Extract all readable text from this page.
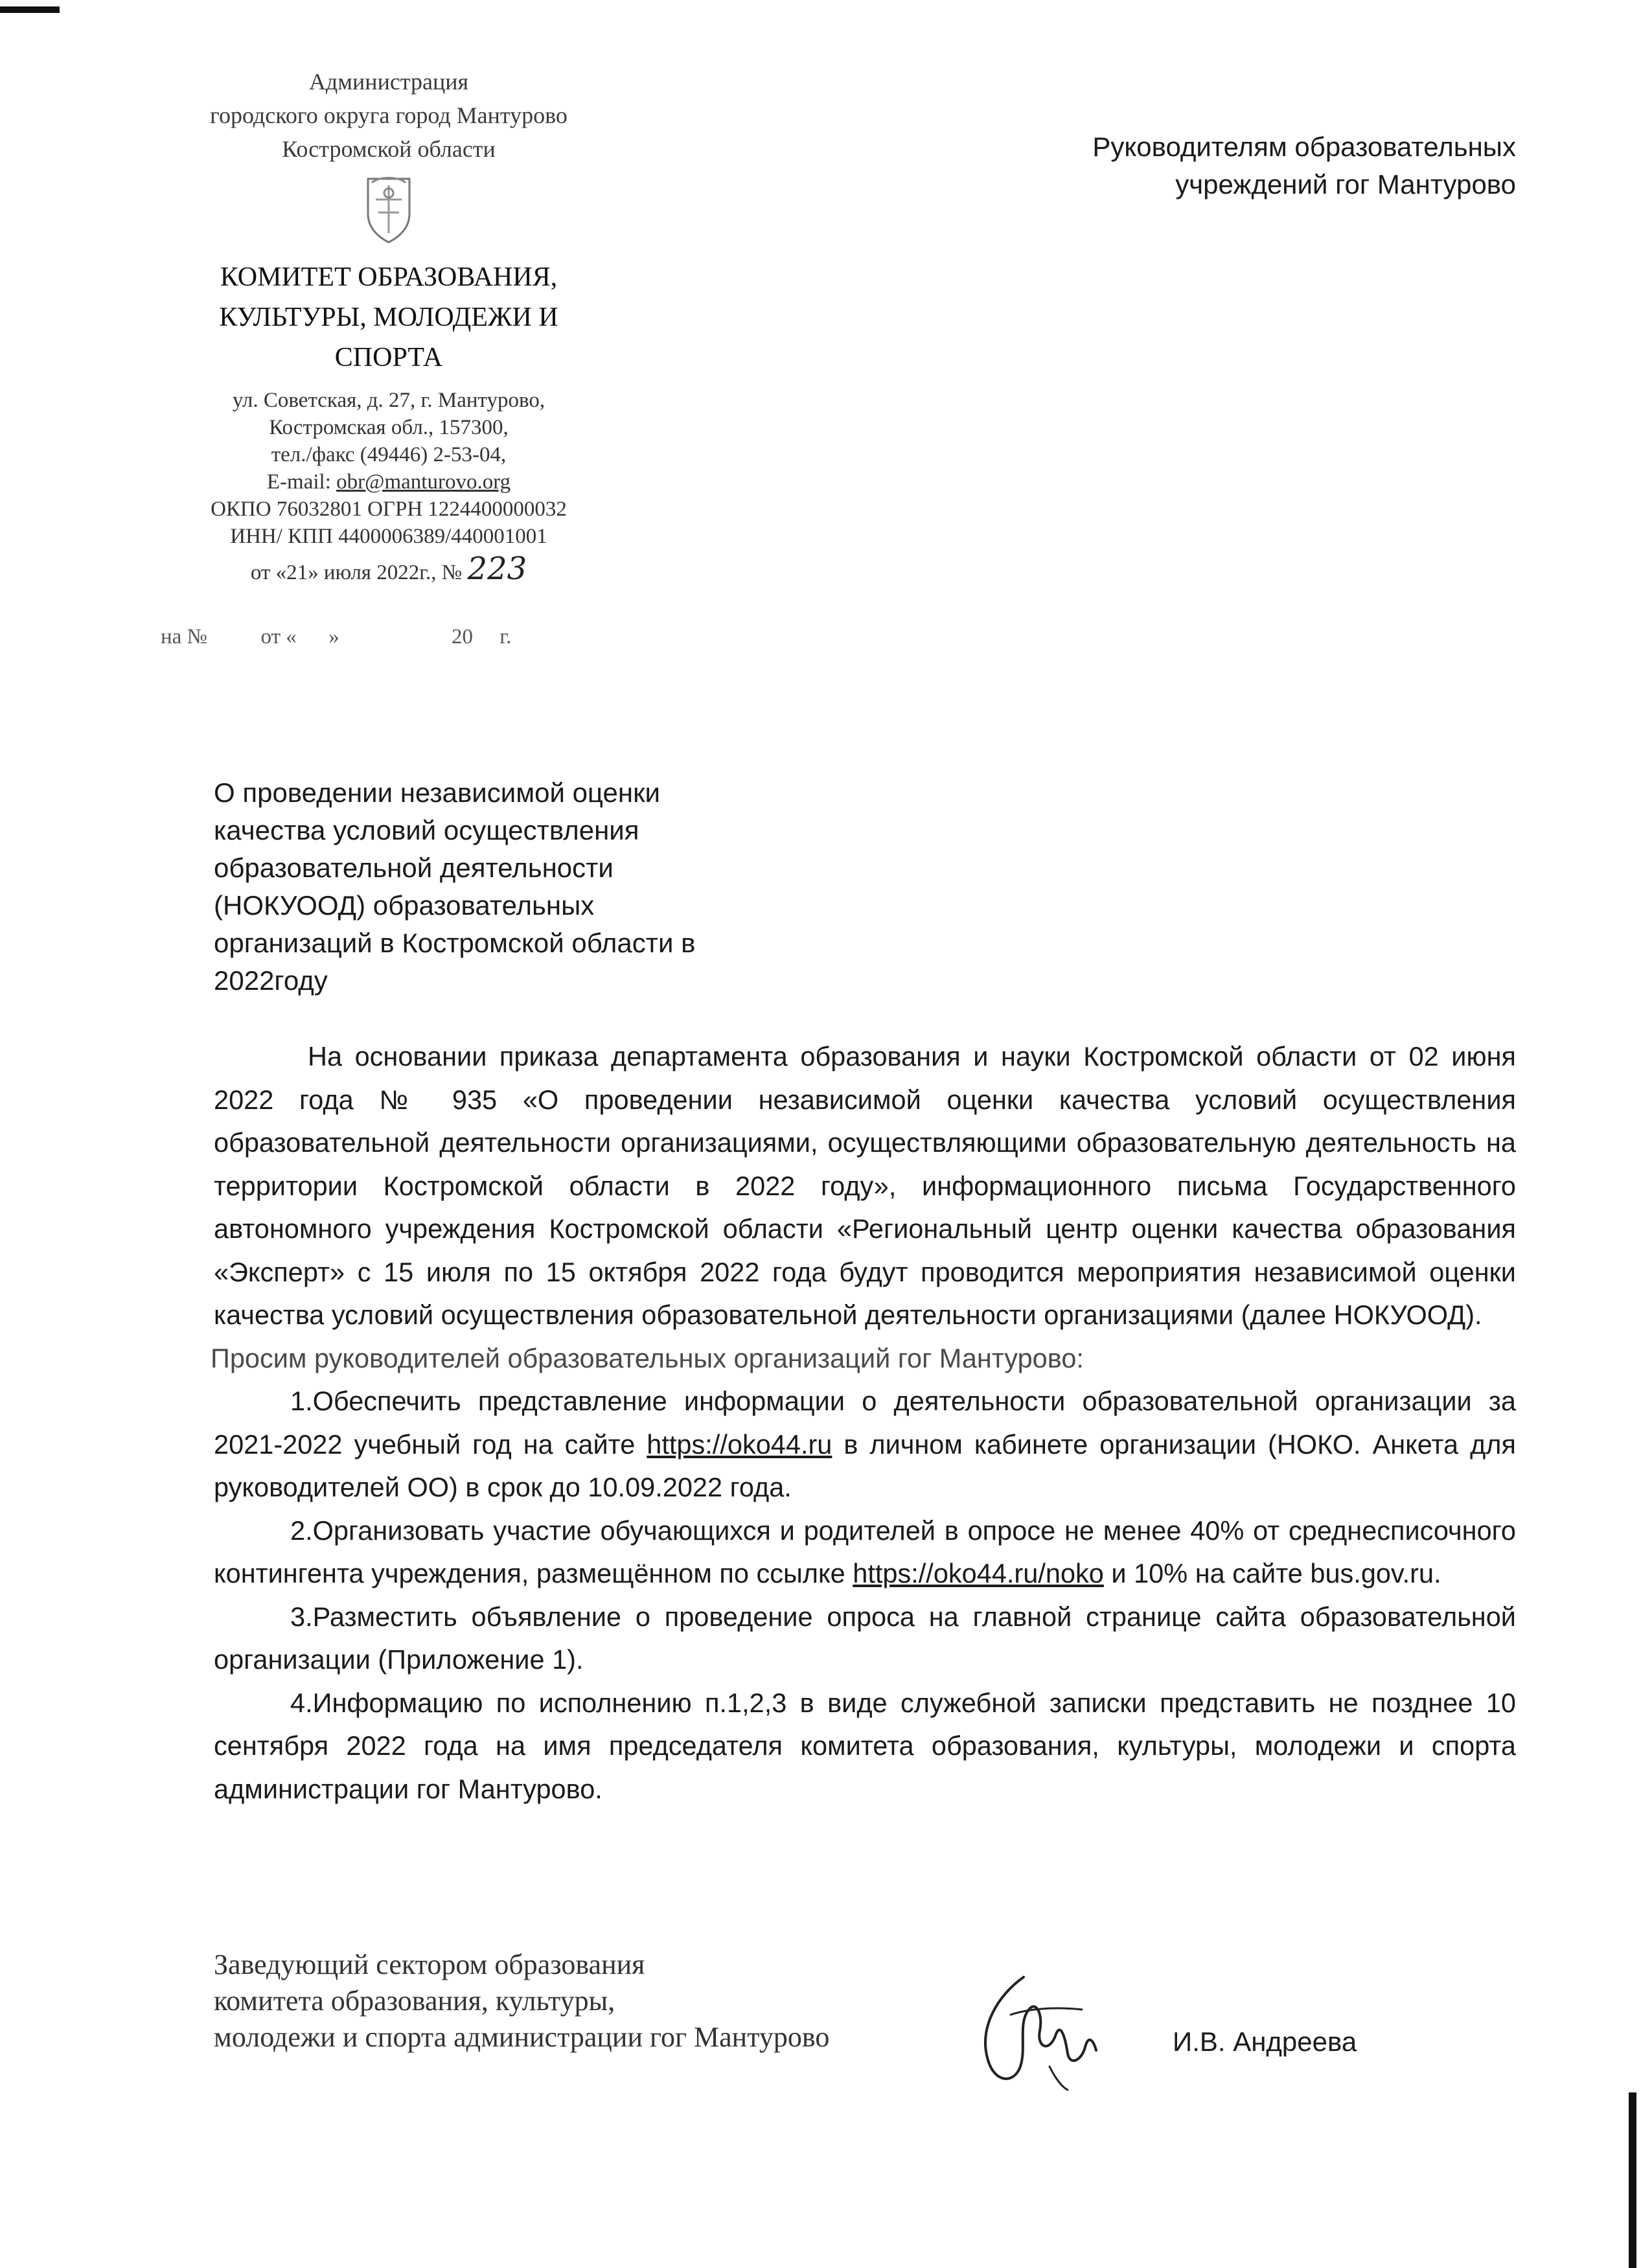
Администрация
городского округа город Мантурово
Костромской области
КОМИТЕТ ОБРАЗОВАНИЯ,
КУЛЬТУРЫ, МОЛОДЕЖИ И
СПОРТА
ул. Советская, д. 27, г. Мантурово,
Костромская обл., 157300,
тел./факс (49446) 2-53-04,
E-mail: obr@manturovo.org
ОКПО 76032801 ОГРН 1224400000032
ИНН/ КПП 4400006389/440001001
от «21» июля 2022г., № 223
на №          от «      »                     20     г.
Руководителям образовательных
учреждений гог Мантурово
О проведении независимой оценки
качества условий осуществления
образовательной деятельности
(НОКУООД) образовательных
организаций в Костромской области в
2022году

На основании приказа департамента образования и науки Костромской области от 02 июня 2022 года № 935 «О проведении независимой оценки качества условий осуществления образовательной деятельности организациями, осуществляющими образовательную деятельность на территории Костромской области в 2022 году», информационного письма Государственного автономного учреждения Костромской области «Региональный центр оценки качества образования «Эксперт» с 15 июля по 15 октября 2022 года будут проводится мероприятия независимой оценки качества условий осуществления образовательной деятельности организациями (далее НОКУООД).

Просим руководителей образовательных организаций гог Мантурово:

1.Обеспечить представление информации о деятельности образовательной организации за 2021-2022 учебный год на сайте https://oko44.ru в личном кабинете организации (НОКО. Анкета для руководителей ОО) в срок до 10.09.2022 года.

2.Организовать участие обучающихся и родителей в опросе не менее 40% от среднесписочного контингента учреждения, размещённом по ссылке https://oko44.ru/noko и 10% на сайте bus.gov.ru.

3.Разместить объявление о проведение опроса на главной странице сайта образовательной организации (Приложение 1).

4.Информацию по исполнению п.1,2,3 в виде служебной записки представить не позднее 10 сентября 2022 года на имя председателя комитета образования, культуры, молодежи и спорта администрации гог Мантурово.

Заведующий сектором образования
комитета образования, культуры,
молодежи и спорта администрации гог Мантурово	И.В. Андреева
